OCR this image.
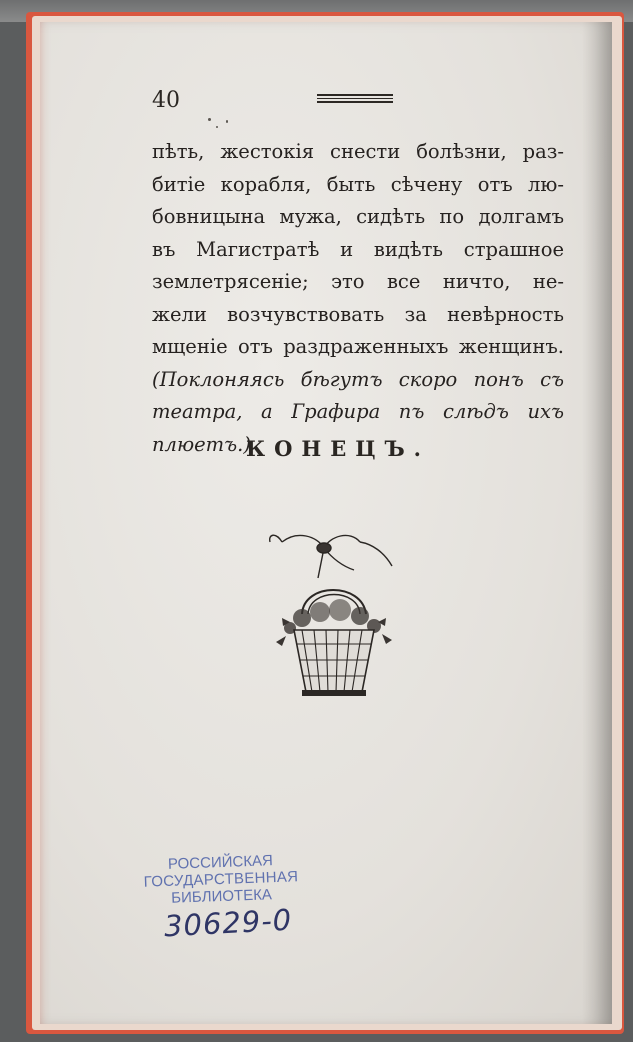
40
пѣть, жестокія снести болѣзни, раз-
битіе корабля, быть сѣчену отъ лю-
бовницына мужа, сидѣть по долгамъ
въ Магистратѣ и видѣть страшное
землетрясеніе; это все ничто, не-
жели возчувствовать за невѣрность
мщеніе отъ раздраженныхъ женщинъ.
(Поклоняясь бѣгутъ скоро понъ съ
театра, а Графира пъ слѣдъ ихъ
плюетъ.)
КОНЕЦЪ.
РОССИЙСКАЯ
ГОСУДАРСТВЕННАЯ
БИБЛИОТЕКА
30629-0
